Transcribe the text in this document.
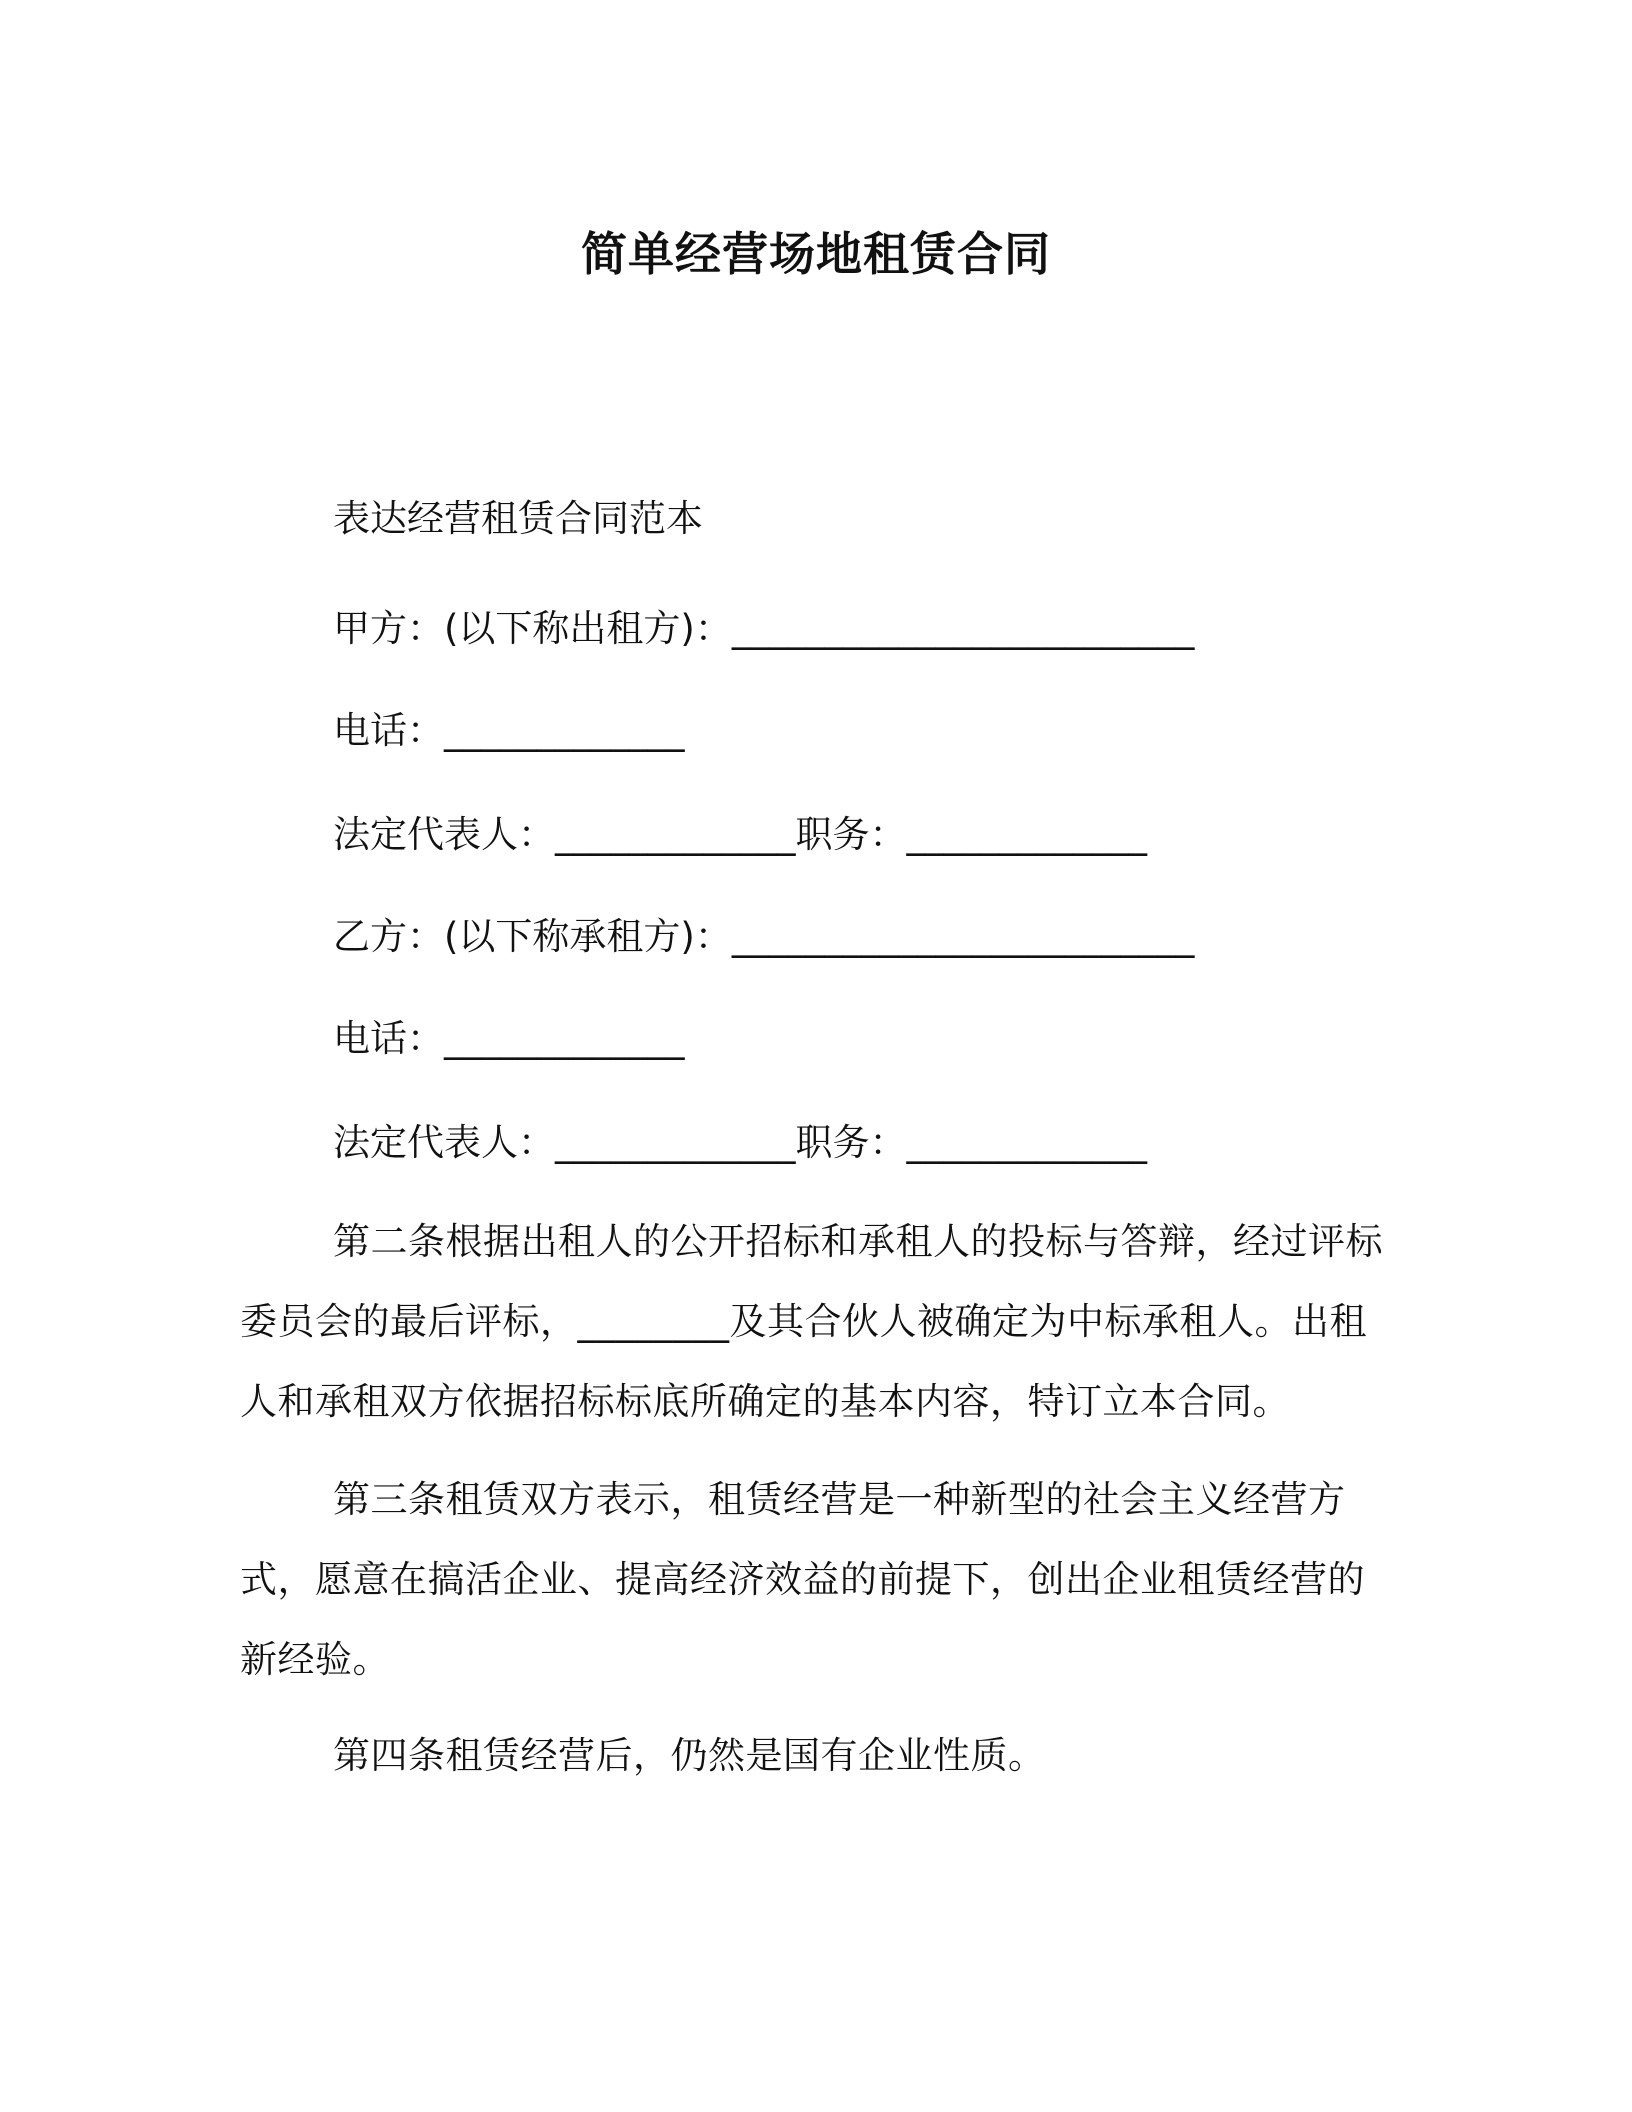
简单经营场地租赁合同
表达经营租赁合同范本
甲方：(以下称出租方)：_________________________
电话：_____________
法定代表人：_____________职务：_____________
乙方：(以下称承租方)：_________________________
电话：_____________
法定代表人：_____________职务：_____________
第二条根据出租人的公开招标和承租人的投标与答辩，经过评标委员会的最后评标，________及其合伙人被确定为中标承租人。出租人和承租双方依据招标标底所确定的基本内容，特订立本合同。
第三条租赁双方表示，租赁经营是一种新型的社会主义经营方式，愿意在搞活企业、提高经济效益的前提下，创出企业租赁经营的新经验。
第四条租赁经营后，仍然是国有企业性质。
